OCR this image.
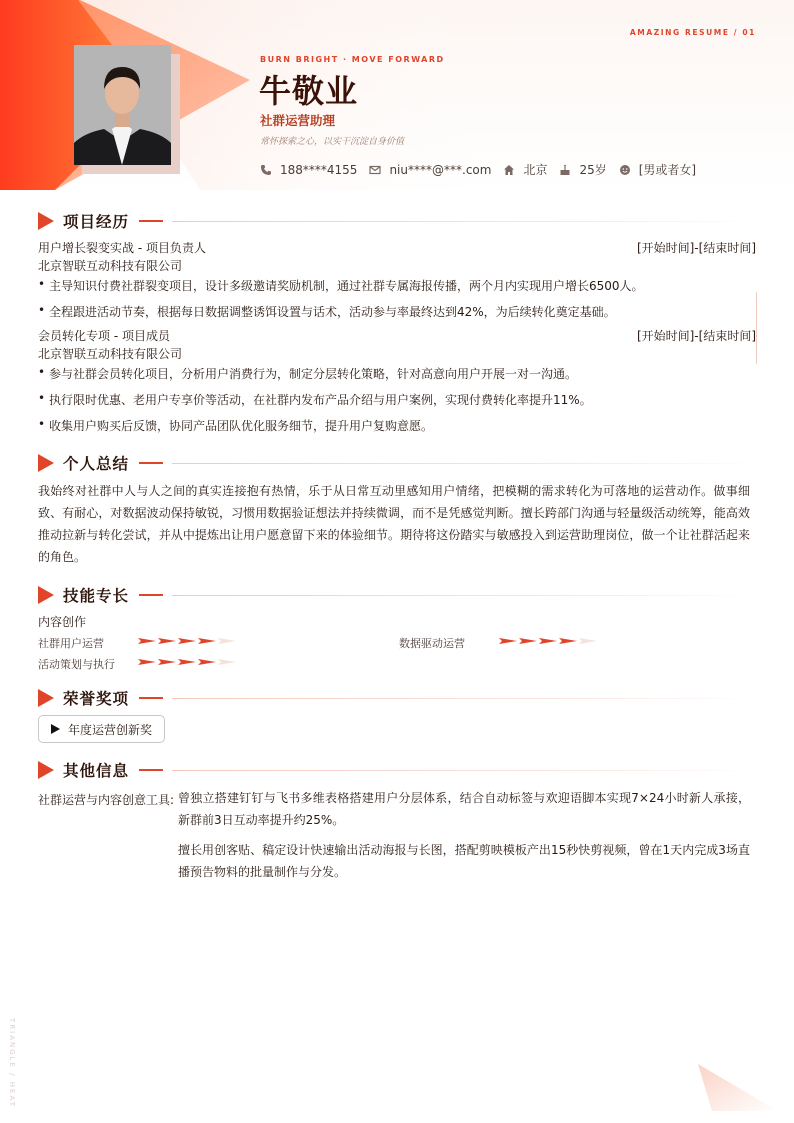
AMAZING RESUME / 01
BURN BRIGHT · MOVE FORWARD
牛敬业
社群运营助理
常怀探索之心，以实干沉淀自身价值
188****4155	niu****@***.com	北京	25岁	[男或者女]
项目经历
用户增长裂变实战 - 项目负责人	[开始时间]-[结束时间]
北京智联互动科技有限公司
• 主导知识付费社群裂变项目，设计多级邀请奖励机制，通过社群专属海报传播，两个月内实现用户增长6500人。
• 全程跟进活动节奏，根据每日数据调整诱饵设置与话术，活动参与率最终达到42%，为后续转化奠定基础。
会员转化专项 - 项目成员	[开始时间]-[结束时间]
北京智联互动科技有限公司
• 参与社群会员转化项目，分析用户消费行为，制定分层转化策略，针对高意向用户开展一对一沟通。
• 执行限时优惠、老用户专享价等活动，在社群内发布产品介绍与用户案例，实现付费转化率提升11%。
• 收集用户购买后反馈，协同产品团队优化服务细节，提升用户复购意愿。
个人总结
我始终对社群中人与人之间的真实连接抱有热情，乐于从日常互动里感知用户情绪，把模糊的需求转化为可落地的运营动作。做事细致、有耐心，对数据波动保持敏锐，习惯用数据验证想法并持续微调，而不是凭感觉判断。擅长跨部门沟通与轻量级活动统筹，能高效推动拉新与转化尝试，并从中提炼出让用户愿意留下来的体验细节。期待将这份踏实与敏感投入到运营助理岗位，做一个让社群活起来的角色。
技能专长
内容创作
社群用户运营	数据驱动运营
活动策划与执行
荣誉奖项
年度运营创新奖
其他信息
社群运营与内容创意工具: 曾独立搭建钉钉与飞书多维表格搭建用户分层体系，结合自动标签与欢迎语脚本实现7×24小时新人承接，新群前3日互动率提升约25%。
擅长用创客贴、稿定设计快速输出活动海报与长图，搭配剪映模板产出15秒快剪视频，曾在1天内完成3场直播预告物料的批量制作与分发。
TRIANGLE / HEAT
